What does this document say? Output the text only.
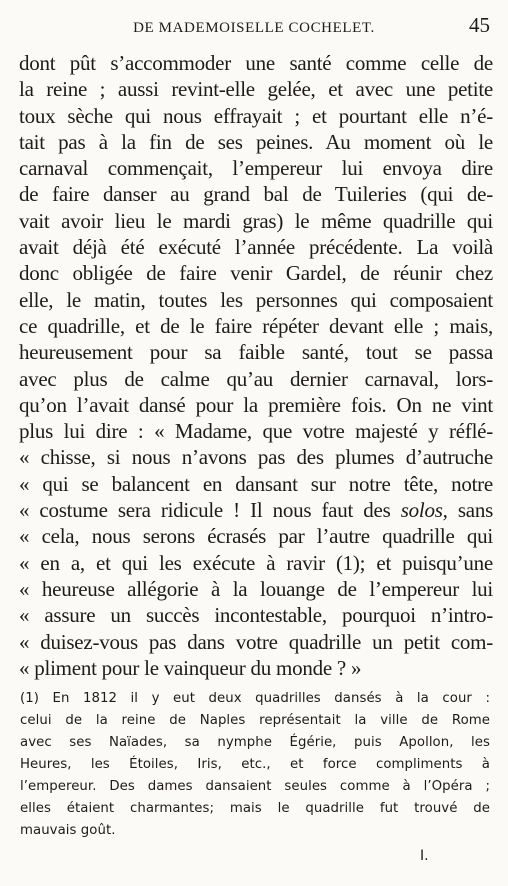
DE MADEMOISELLE COCHELET.	45
dont pût s’accommoder une santé comme celle de
la reine ; aussi revint-elle gelée, et avec une petite
toux sèche qui nous effrayait ; et pourtant elle n’é-
tait pas à la fin de ses peines. Au moment où le
carnaval commençait, l’empereur lui envoya dire
de faire danser au grand bal de Tuileries (qui de-
vait avoir lieu le mardi gras) le même quadrille qui
avait déjà été exécuté l’année précédente. La voilà
donc obligée de faire venir Gardel, de réunir chez
elle, le matin, toutes les personnes qui composaient
ce quadrille, et de le faire répéter devant elle ; mais,
heureusement pour sa faible santé, tout se passa
avec plus de calme qu’au dernier carnaval, lors-
qu’on l’avait dansé pour la première fois. On ne vint
plus lui dire : « Madame, que votre majesté y réflé-
« chisse, si nous n’avons pas des plumes d’autruche
« qui se balancent en dansant sur notre tête, notre
« costume sera ridicule ! Il nous faut des solos, sans
« cela, nous serons écrasés par l’autre quadrille qui
« en a, et qui les exécute à ravir (1); et puisqu’une
« heureuse allégorie à la louange de l’empereur lui
« assure un succès incontestable, pourquoi n’intro-
« duisez-vous pas dans votre quadrille un petit com-
« pliment pour le vainqueur du monde ? »
(1) En 1812 il y eut deux quadrilles dansés à la cour :
celui de la reine de Naples représentait la ville de Rome
avec ses Naïades, sa nymphe Égérie, puis Apollon, les
Heures, les Étoiles, Iris, etc., et force compliments à
l’empereur. Des dames dansaient seules comme à l’Opéra ;
elles étaient charmantes; mais le quadrille fut trouvé de
mauvais goût.
I.
